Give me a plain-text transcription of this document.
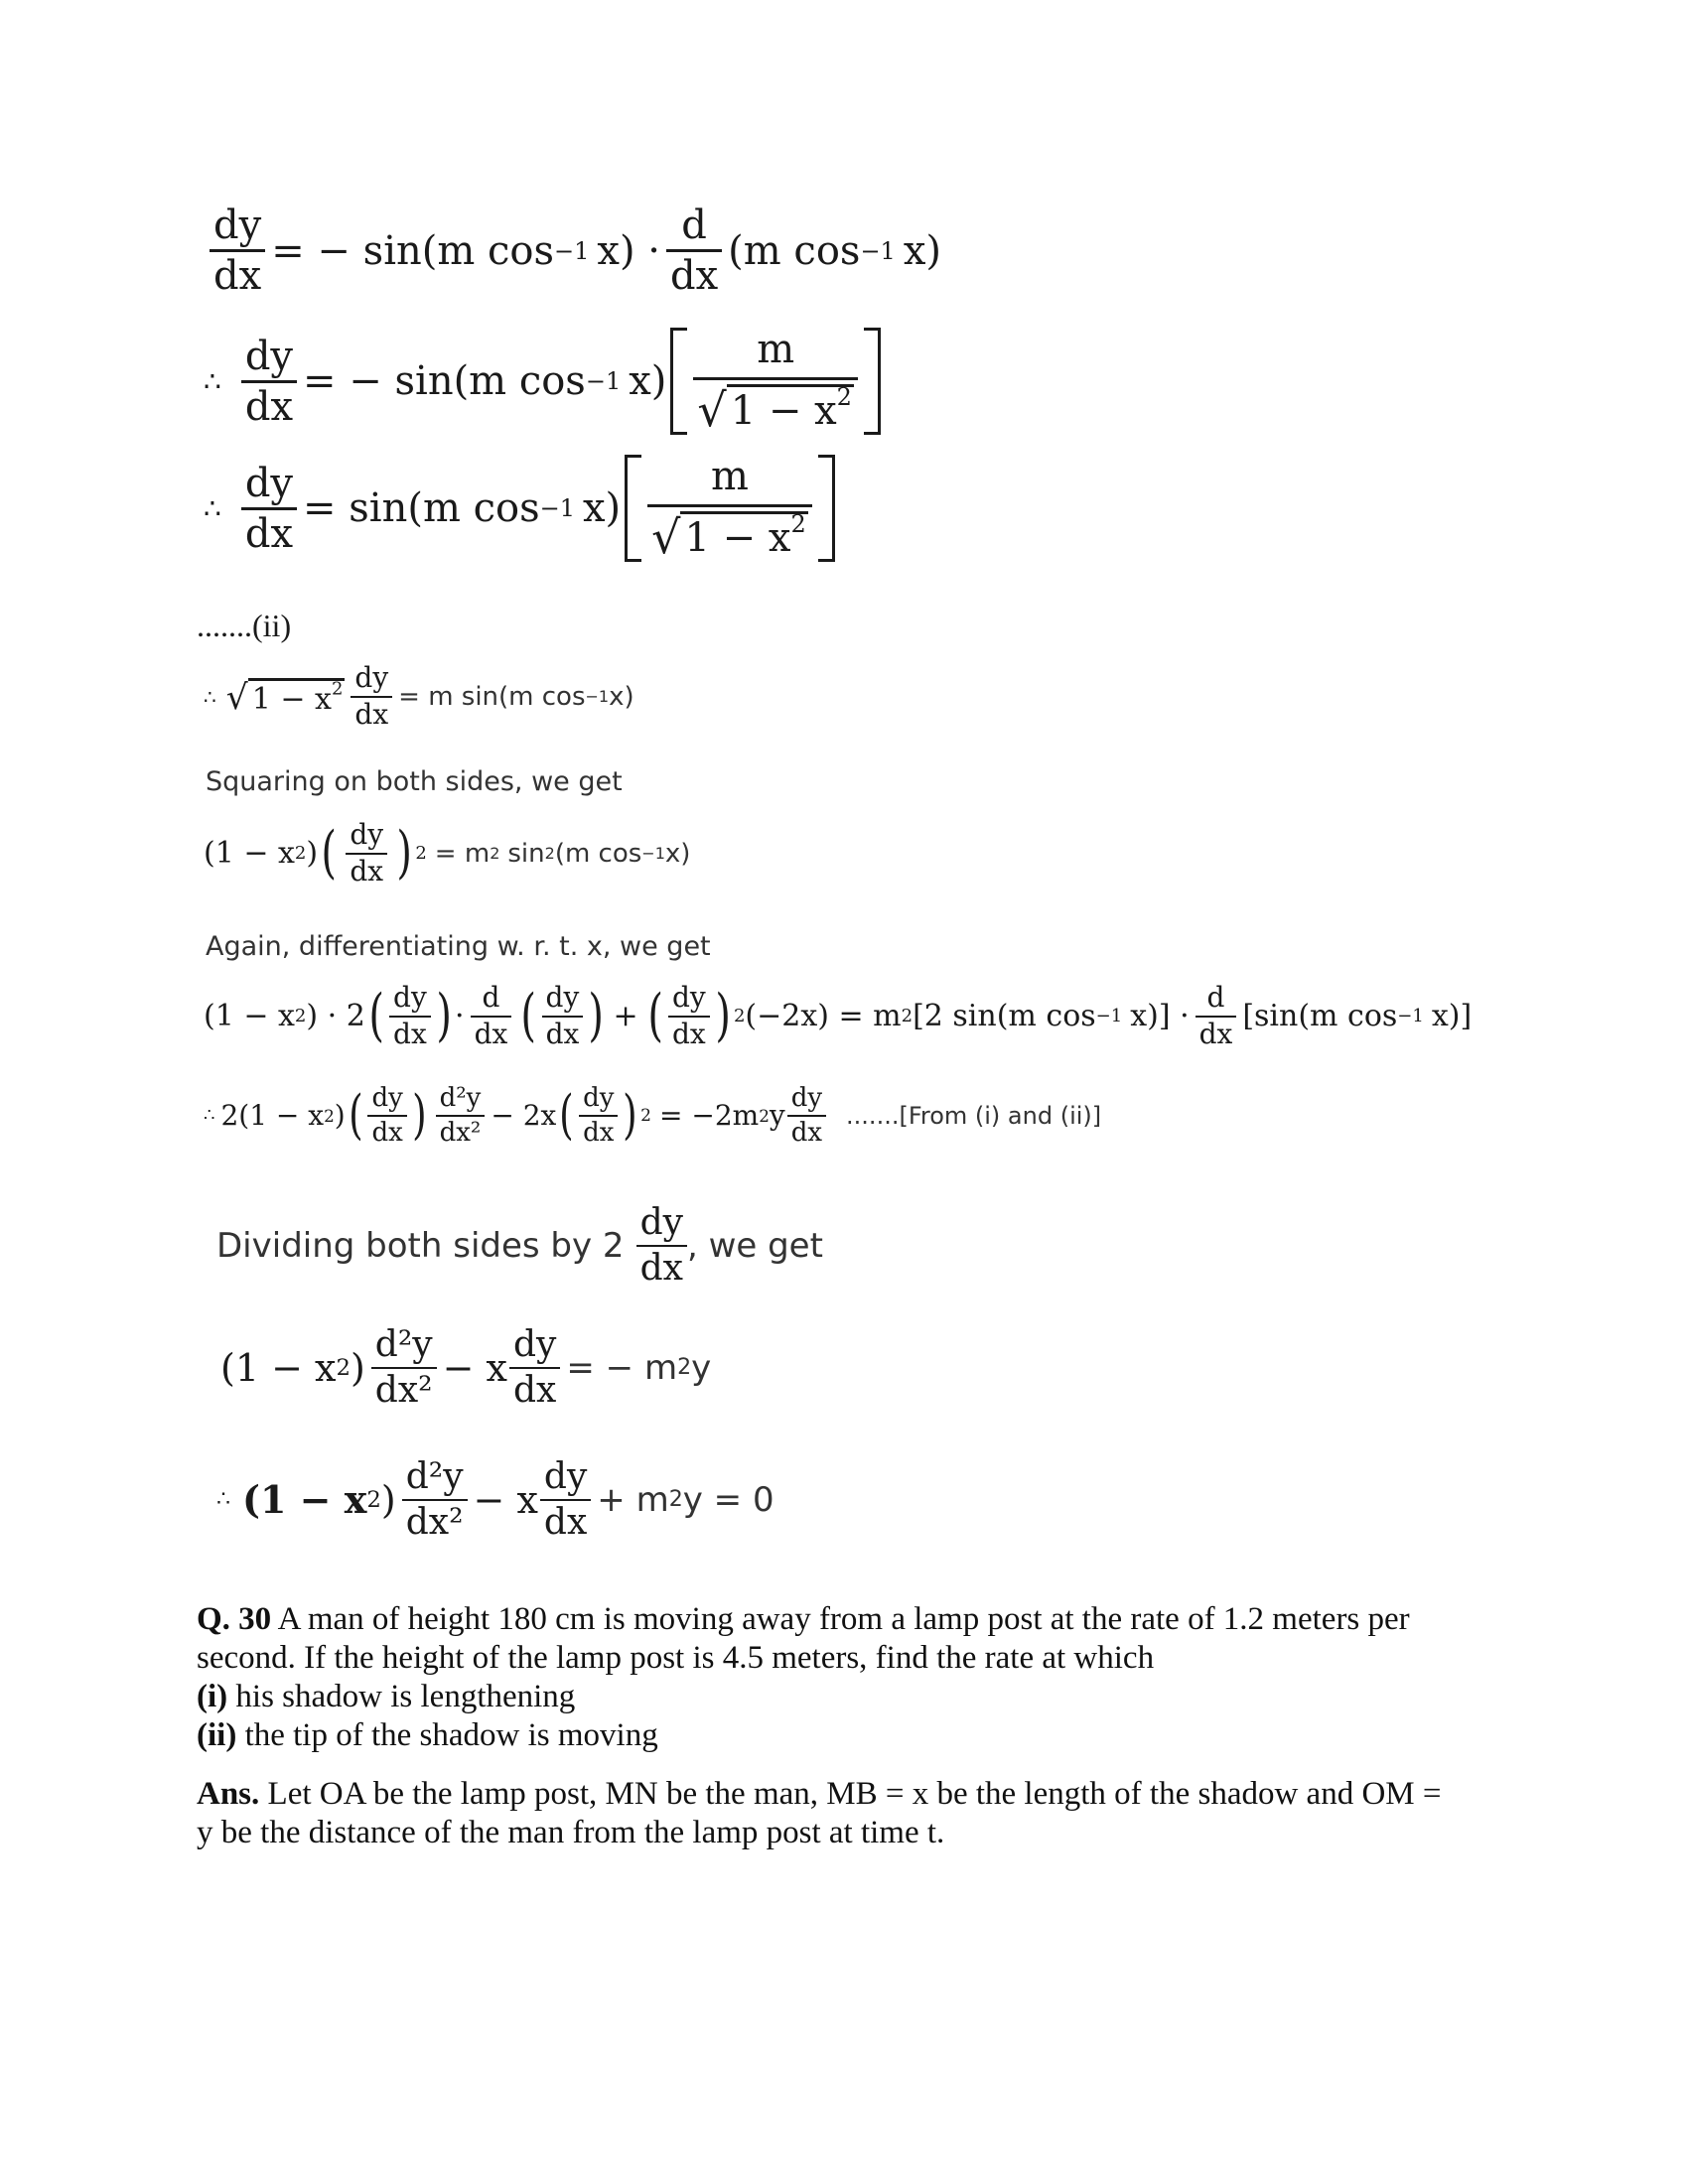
$\frac{dy}{dx}$ = − sin(m cos −1 $x) \cdot \frac{d}{dx} (m$ cos −1 x)
∴ $\frac{dy}{dx}$ = − sin(m cos −1 $x) \frac{m}{√ 1 - x^2}$
∴ $\frac{dy}{dx} = \sin(m$ cos −1 $x) \frac{m}{√ 1 - x^2}$
.......(ii)
∴ √ $1 - x^2 \frac{dy}{dx} = m$ sin(m cos −1 x)
Squaring on both sides, we get
(1 − x 2 ) ( $\frac{dy}{dx}$ ) 2 = m 2 sin 2 (m cos −1 x)
Again, differentiating w. r. t. x, we get
(1 − x 2 ) · 2 ( $\frac{dy}{dx}$ ) · $\frac{d}{dx}$ ( $\frac{dy}{dx}$ ) + ( $\frac{dy}{dx}$ ) 2 (−2x) = m 2 [2 sin(m cos −1 $x)] \cdot \frac{d}{dx} [\sin(m$ cos −1 x)]
∴ 2(1 − x 2 ) ( $\frac{dy}{dx}$ ) $\frac{\text{d²y}}{\text{dx²}} - 2x$ ( $\frac{dy}{dx}$ ) 2 = −2m 2 y $\frac{dy}{dx}$ .......[From (i) and (ii)]
Dividing both sides by $2 \frac{dy}{dx}$ , we get
(1 − x 2 ) $\frac{\text{d²y}}{\text{dx²}} - x \frac{dy}{dx}$ = − m 2 y
∴ (1 − x 2 ) $\frac{\text{d²y}}{\text{dx²}} - x \frac{dy}{dx} + m$ 2 y = 0
Q. 30 A man of height 180 cm is moving away from a lamp post at the rate of 1.2 meters per
second. If the height of the lamp post is 4.5 meters, find the rate at which
(i) his shadow is lengthening
(ii) the tip of the shadow is moving
Ans. Let OA be the lamp post, MN be the man, MB = x be the length of the shadow and OM =
y be the distance of the man from the lamp post at time t.
